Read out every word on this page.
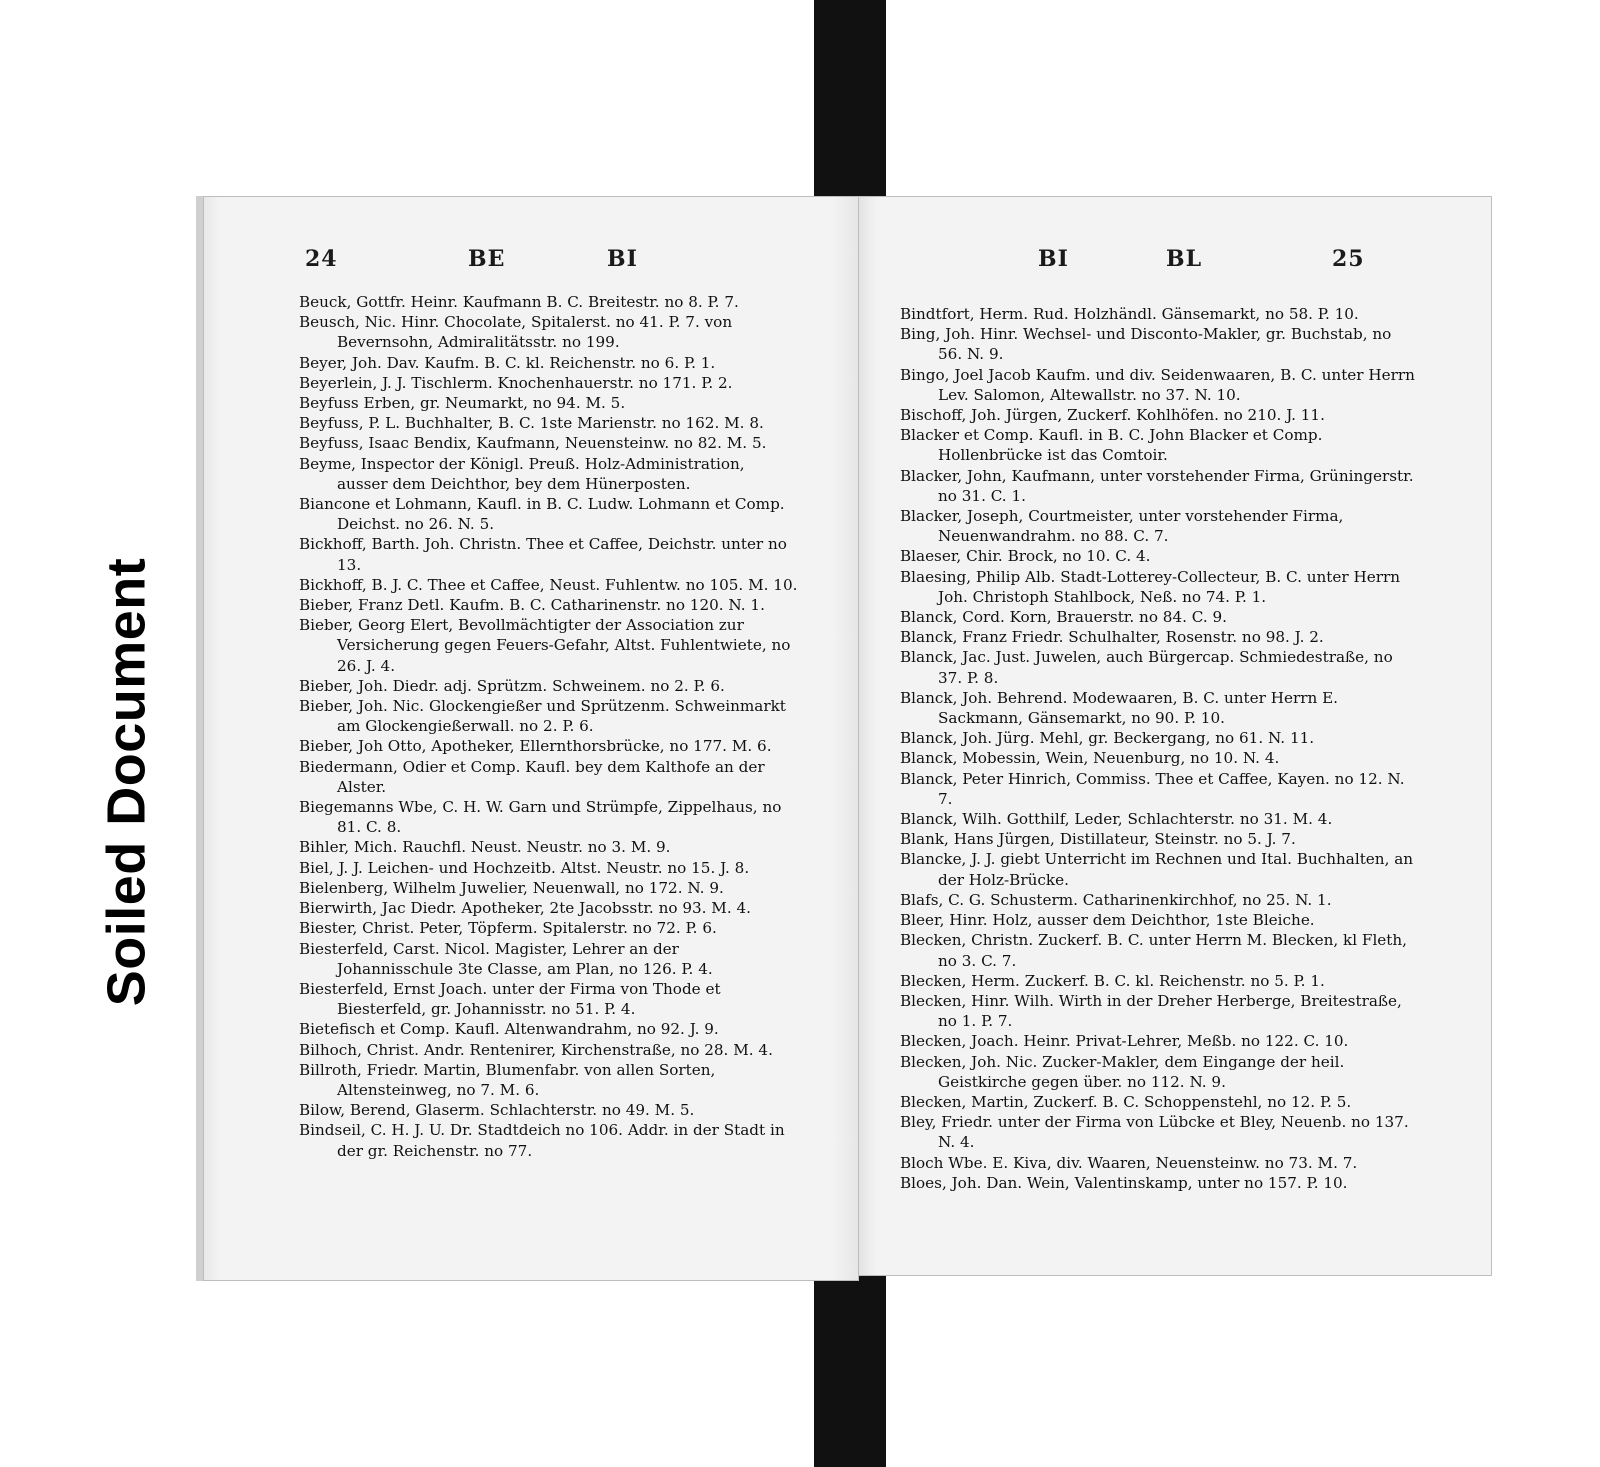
Soiled Document
24	BE	BI
Beuck, Gottfr. Heinr. Kaufmann B. C. Breitestr. no 8. P. 7.
Beusch, Nic. Hinr. Chocolate, Spitalerst. no 41. P. 7. von Bevernsohn, Admiralitätsstr. no 199.
Beyer, Joh. Dav. Kaufm. B. C. kl. Reichenstr. no 6. P. 1.
Beyerlein, J. J. Tischlerm. Knochenhauerstr. no 171. P. 2.
Beyfuss Erben, gr. Neumarkt, no 94. M. 5.
Beyfuss, P. L. Buchhalter, B. C. 1ste Marienstr. no 162. M. 8.
Beyfuss, Isaac Bendix, Kaufmann, Neuensteinw. no 82. M. 5.
Beyme, Inspector der Königl. Preuß. Holz-Administration, ausser dem Deichthor, bey dem Hünerposten.
Biancone et Lohmann, Kaufl. in B. C. Ludw. Lohmann et Comp. Deichst. no 26. N. 5.
Bickhoff, Barth. Joh. Christn. Thee et Caffee, Deichstr. unter no 13.
Bickhoff, B. J. C. Thee et Caffee, Neust. Fuhlentw. no 105. M. 10.
Bieber, Franz Detl. Kaufm. B. C. Catharinenstr. no 120. N. 1.
Bieber, Georg Elert, Bevollmächtigter der Association zur Versicherung gegen Feuers-Gefahr, Altst. Fuhlentwiete, no 26. J. 4.
Bieber, Joh. Diedr. adj. Sprützm. Schweinem. no 2. P. 6.
Bieber, Joh. Nic. Glockengießer und Sprützenm. Schweinmarkt am Glockengießerwall. no 2. P. 6.
Bieber, Joh Otto, Apotheker, Ellernthorsbrücke, no 177. M. 6.
Biedermann, Odier et Comp. Kaufl. bey dem Kalthofe an der Alster.
Biegemanns Wbe, C. H. W. Garn und Strümpfe, Zippelhaus, no 81. C. 8.
Bihler, Mich. Rauchfl. Neust. Neustr. no 3. M. 9.
Biel, J. J. Leichen- und Hochzeitb. Altst. Neustr. no 15. J. 8.
Bielenberg, Wilhelm Juwelier, Neuenwall, no 172. N. 9.
Bierwirth, Jac Diedr. Apotheker, 2te Jacobsstr. no 93. M. 4.
Biester, Christ. Peter, Töpferm. Spitalerstr. no 72. P. 6.
Biesterfeld, Carst. Nicol. Magister, Lehrer an der Johannisschule 3te Classe, am Plan, no 126. P. 4.
Biesterfeld, Ernst Joach. unter der Firma von Thode et Biesterfeld, gr. Johannisstr. no 51. P. 4.
Bietefisch et Comp. Kaufl. Altenwandrahm, no 92. J. 9.
Bilhoch, Christ. Andr. Rentenirer, Kirchenstraße, no 28. M. 4.
Billroth, Friedr. Martin, Blumenfabr. von allen Sorten, Altensteinweg, no 7. M. 6.
Bilow, Berend, Glaserm. Schlachterstr. no 49. M. 5.
Bindseil, C. H. J. U. Dr. Stadtdeich no 106. Addr. in der Stadt in der gr. Reichenstr. no 77.
BI	BL	25
Bindtfort, Herm. Rud. Holzhändl. Gänsemarkt, no 58. P. 10.
Bing, Joh. Hinr. Wechsel- und Disconto-Makler, gr. Buchstab, no 56. N. 9.
Bingo, Joel Jacob Kaufm. und div. Seidenwaaren, B. C. unter Herrn Lev. Salomon, Altewallstr. no 37. N. 10.
Bischoff, Joh. Jürgen, Zuckerf. Kohlhöfen. no 210. J. 11.
Blacker et Comp. Kaufl. in B. C. John Blacker et Comp. Hollenbrücke ist das Comtoir.
Blacker, John, Kaufmann, unter vorstehender Firma, Grüningerstr. no 31. C. 1.
Blacker, Joseph, Courtmeister, unter vorstehender Firma, Neuenwandrahm. no 88. C. 7.
Blaeser, Chir. Brock, no 10. C. 4.
Blaesing, Philip Alb. Stadt-Lotterey-Collecteur, B. C. unter Herrn Joh. Christoph Stahlbock, Neß. no 74. P. 1.
Blanck, Cord. Korn, Brauerstr. no 84. C. 9.
Blanck, Franz Friedr. Schulhalter, Rosenstr. no 98. J. 2.
Blanck, Jac. Just. Juwelen, auch Bürgercap. Schmiedestraße, no 37. P. 8.
Blanck, Joh. Behrend. Modewaaren, B. C. unter Herrn E. Sackmann, Gänsemarkt, no 90. P. 10.
Blanck, Joh. Jürg. Mehl, gr. Beckergang, no 61. N. 11.
Blanck, Mobessin, Wein, Neuenburg, no 10. N. 4.
Blanck, Peter Hinrich, Commiss. Thee et Caffee, Kayen. no 12. N. 7.
Blanck, Wilh. Gotthilf, Leder, Schlachterstr. no 31. M. 4.
Blank, Hans Jürgen, Distillateur, Steinstr. no 5. J. 7.
Blancke, J. J. giebt Unterricht im Rechnen und Ital. Buchhalten, an der Holz-Brücke.
Blafs, C. G. Schusterm. Catharinenkirchhof, no 25. N. 1.
Bleer, Hinr. Holz, ausser dem Deichthor, 1ste Bleiche.
Blecken, Christn. Zuckerf. B. C. unter Herrn M. Blecken, kl Fleth, no 3. C. 7.
Blecken, Herm. Zuckerf. B. C. kl. Reichenstr. no 5. P. 1.
Blecken, Hinr. Wilh. Wirth in der Dreher Herberge, Breitestraße, no 1. P. 7.
Blecken, Joach. Heinr. Privat-Lehrer, Meßb. no 122. C. 10.
Blecken, Joh. Nic. Zucker-Makler, dem Eingange der heil. Geistkirche gegen über. no 112. N. 9.
Blecken, Martin, Zuckerf. B. C. Schoppenstehl, no 12. P. 5.
Bley, Friedr. unter der Firma von Lübcke et Bley, Neuenb. no 137. N. 4.
Bloch Wbe. E. Kiva, div. Waaren, Neuensteinw. no 73. M. 7.
Bloes, Joh. Dan. Wein, Valentinskamp, unter no 157. P. 10.
